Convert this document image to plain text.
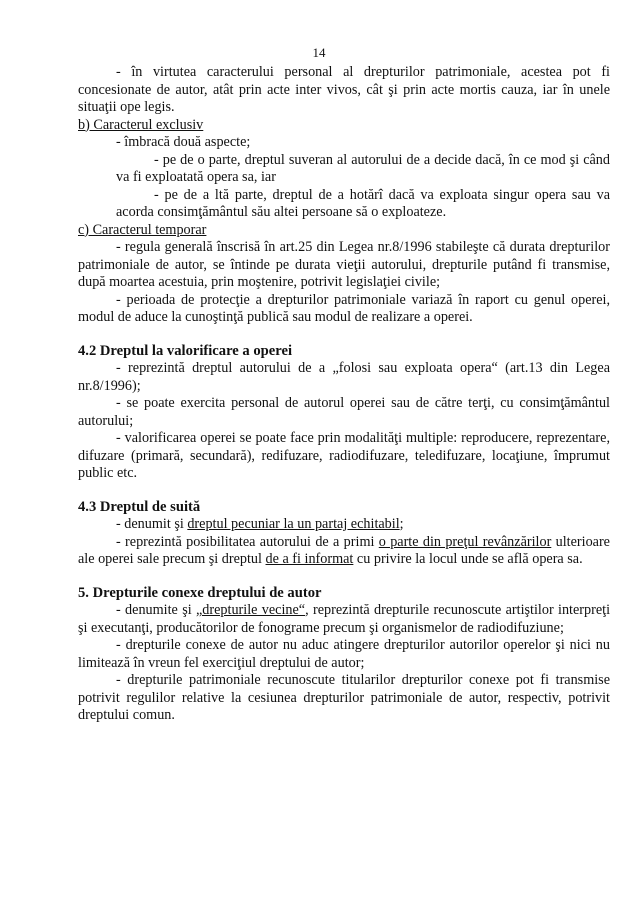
14

- în virtutea caracterului personal al drepturilor patrimoniale, acestea pot fi concesionate de autor, atât prin acte inter vivos, cât şi prin acte mortis cauza, iar în unele situaţii ope legis.

b) Caracterul exclusiv

- îmbracă două aspecte;

- pe de o parte, dreptul suveran al autorului de a decide dacă, în ce mod şi când va fi exploatată opera sa, iar

- pe de a ltă parte, dreptul de a hotărî dacă va exploata singur opera sau va acorda consimţământul său altei persoane să o exploateze.

c) Caracterul temporar

- regula generală înscrisă în art.25 din Legea nr.8/1996 stabileşte că durata drepturilor patrimoniale de autor, se întinde pe durata vieţii autorului, drepturile putând fi transmise, după moartea acestuia, prin moştenire, potrivit legislaţiei civile;

- perioada de protecţie a drepturilor patrimoniale variază în raport cu genul operei, modul de aduce la cunoştinţă publică sau modul de realizare a operei.

4.2 Dreptul la valorificare a operei

- reprezintă dreptul autorului de a „folosi sau exploata opera“ (art.13 din Legea nr.8/1996);

- se poate exercita personal de autorul operei sau de către terţi, cu consimţământul autorului;

- valorificarea operei se poate face prin modalităţi multiple: reproducere, reprezentare, difuzare (primară, secundară), redifuzare, radiodifuzare, teledifuzare, locaţiune, împrumut public etc.

4.3 Dreptul de suită

- denumit şi dreptul pecuniar la un partaj echitabil;

- reprezintă posibilitatea autorului de a primi o parte din preţul revânzărilor ulterioare ale operei sale precum şi dreptul de a fi informat cu privire la locul unde se află opera sa.

5. Drepturile conexe dreptului de autor

- denumite şi „drepturile vecine“, reprezintă drepturile recunoscute artiştilor interpreţi şi executanţi, producătorilor de fonograme precum şi organismelor de radiodifuziune;

- drepturile conexe de autor nu aduc atingere drepturilor autorilor operelor şi nici nu limitează în vreun fel exerciţiul dreptului de autor;

- drepturile patrimoniale recunoscute titularilor drepturilor conexe pot fi transmise potrivit regulilor relative la cesiunea drepturilor patrimoniale de autor, respectiv, potrivit dreptului comun.
